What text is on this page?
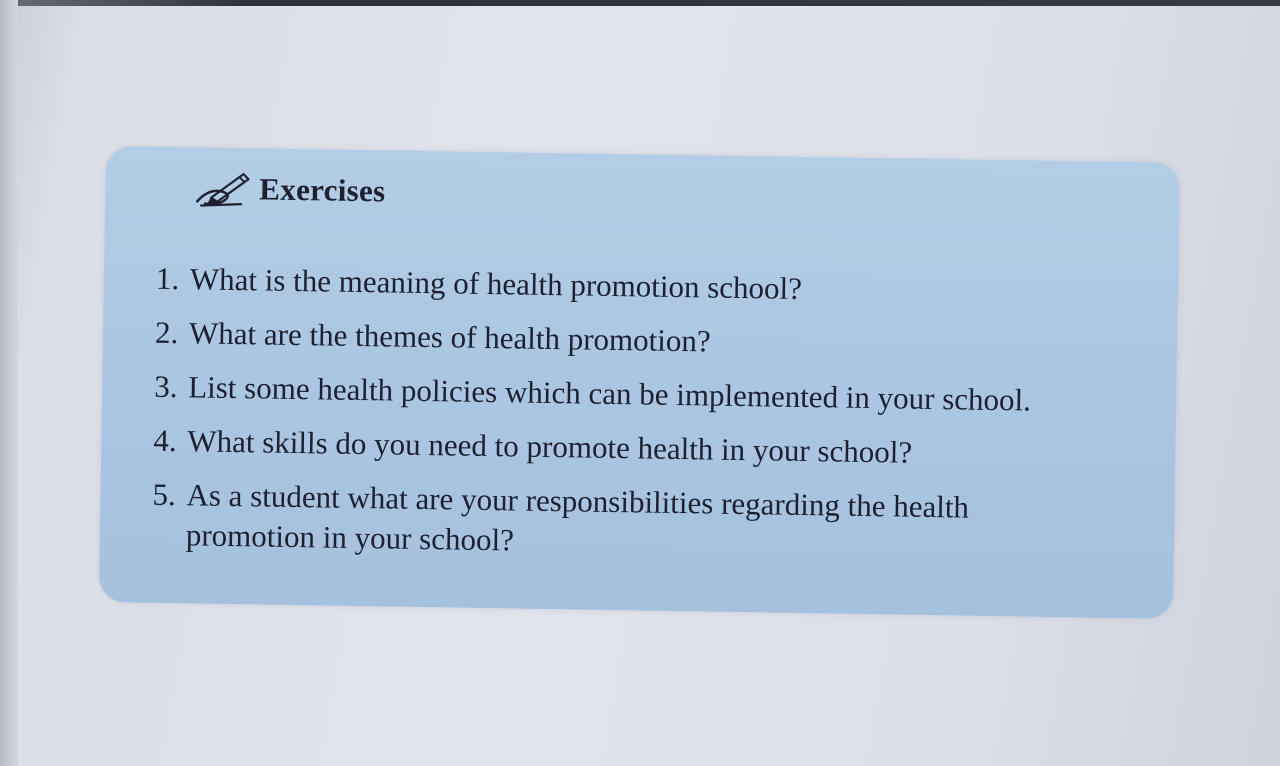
Exercises
1. What is the meaning of health promotion school?
2. What are the themes of health promotion?
3. List some health policies which can be implemented in your school.
4. What skills do you need to promote health in your school?
5. As a student what are your responsibilities regarding the health promotion in your school?
